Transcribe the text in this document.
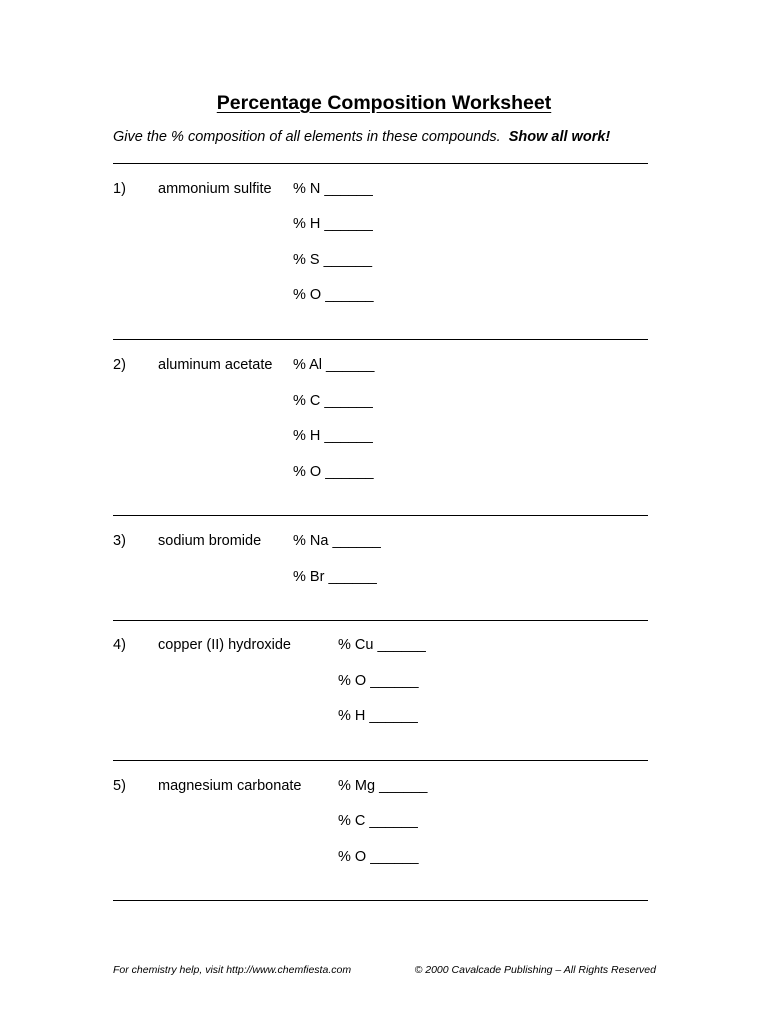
Percentage Composition Worksheet

Give the % composition of all elements in these compounds. Show all work!

1) ammonium sulfite % N ______
% H ______
% S ______
% O ______
2) aluminum acetate % Al ______
% C ______
% H ______
% O ______
3) sodium bromide % Na ______
% Br ______
4) copper (II) hydroxide	% Cu ______
% O ______
% H ______
5) magnesium carbonate	% Mg ______
% C ______
% O ______
For chemistry help, visit http://www.chemfiesta.com	© 2000 Cavalcade Publishing – All Rights Reserved
